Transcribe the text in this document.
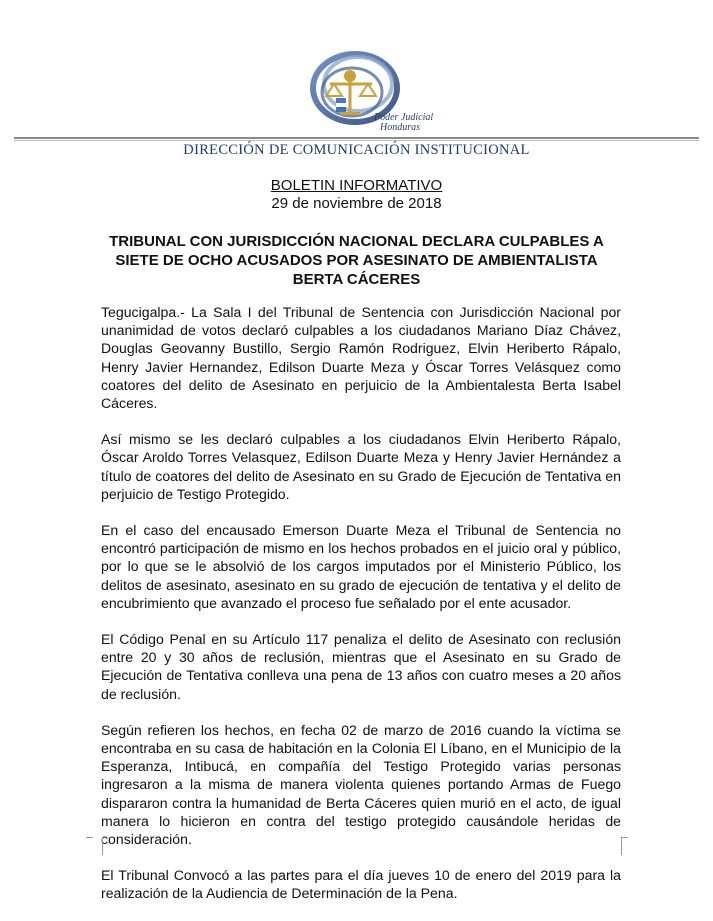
Poder Judicial
Honduras
DIRECCIÓN DE COMUNICACIÓN INSTITUCIONAL
BOLETIN INFORMATIVO
29 de noviembre de 2018
TRIBUNAL CON JURISDICCIÓN NACIONAL DECLARA CULPABLES A SIETE DE OCHO ACUSADOS POR ASESINATO DE AMBIENTALISTA BERTA CÁCERES

Tegucigalpa.- La Sala I del Tribunal de Sentencia con Jurisdicción Nacional por unanimidad de votos declaró culpables a los ciudadanos Mariano Díaz Chávez, Douglas Geovanny Bustillo, Sergio Ramón Rodriguez, Elvin Heriberto Rápalo, Henry Javier Hernandez, Edilson Duarte Meza y Óscar Torres Velásquez como coatores del delito de Asesinato en perjuicio de la Ambientalesta Berta Isabel Cáceres.

Así mismo se les declaró culpables a los ciudadanos Elvin Heriberto Rápalo, Óscar Aroldo Torres Velasquez, Edilson Duarte Meza y Henry Javier Hernández a título de coatores del delito de Asesinato en su Grado de Ejecución de Tentativa en perjuicio de Testigo Protegido.

En el caso del encausado Emerson Duarte Meza el Tribunal de Sentencia no encontró participación de mismo en los hechos probados en el juicio oral y público, por lo que se le absolvió de los cargos imputados por el Ministerio Público, los delitos de asesinato, asesinato en su grado de ejecución de tentativa y el delito de encubrimiento que avanzado el proceso fue señalado por el ente acusador.

El Código Penal en su Artículo 117 penaliza el delito de Asesinato con reclusión entre 20 y 30 años de reclusión, mientras que el Asesinato en su Grado de Ejecución de Tentativa conlleva una pena de 13 años con cuatro meses a 20 años de reclusión.

Según refieren los hechos, en fecha 02 de marzo de 2016 cuando la víctima se encontraba en su casa de habitación en la Colonia El Líbano, en el Municipio de la Esperanza, Intibucá, en compañía del Testigo Protegido varias personas ingresaron a la misma de manera violenta quienes portando Armas de Fuego dispararon contra la humanidad de Berta Cáceres quien murió en el acto, de igual manera lo hicieron en contra del testigo protegido causándole heridas de consideración.

El Tribunal Convocó a las partes para el día jueves 10 de enero del 2019 para la realización de la Audiencia de Determinación de la Pena.
